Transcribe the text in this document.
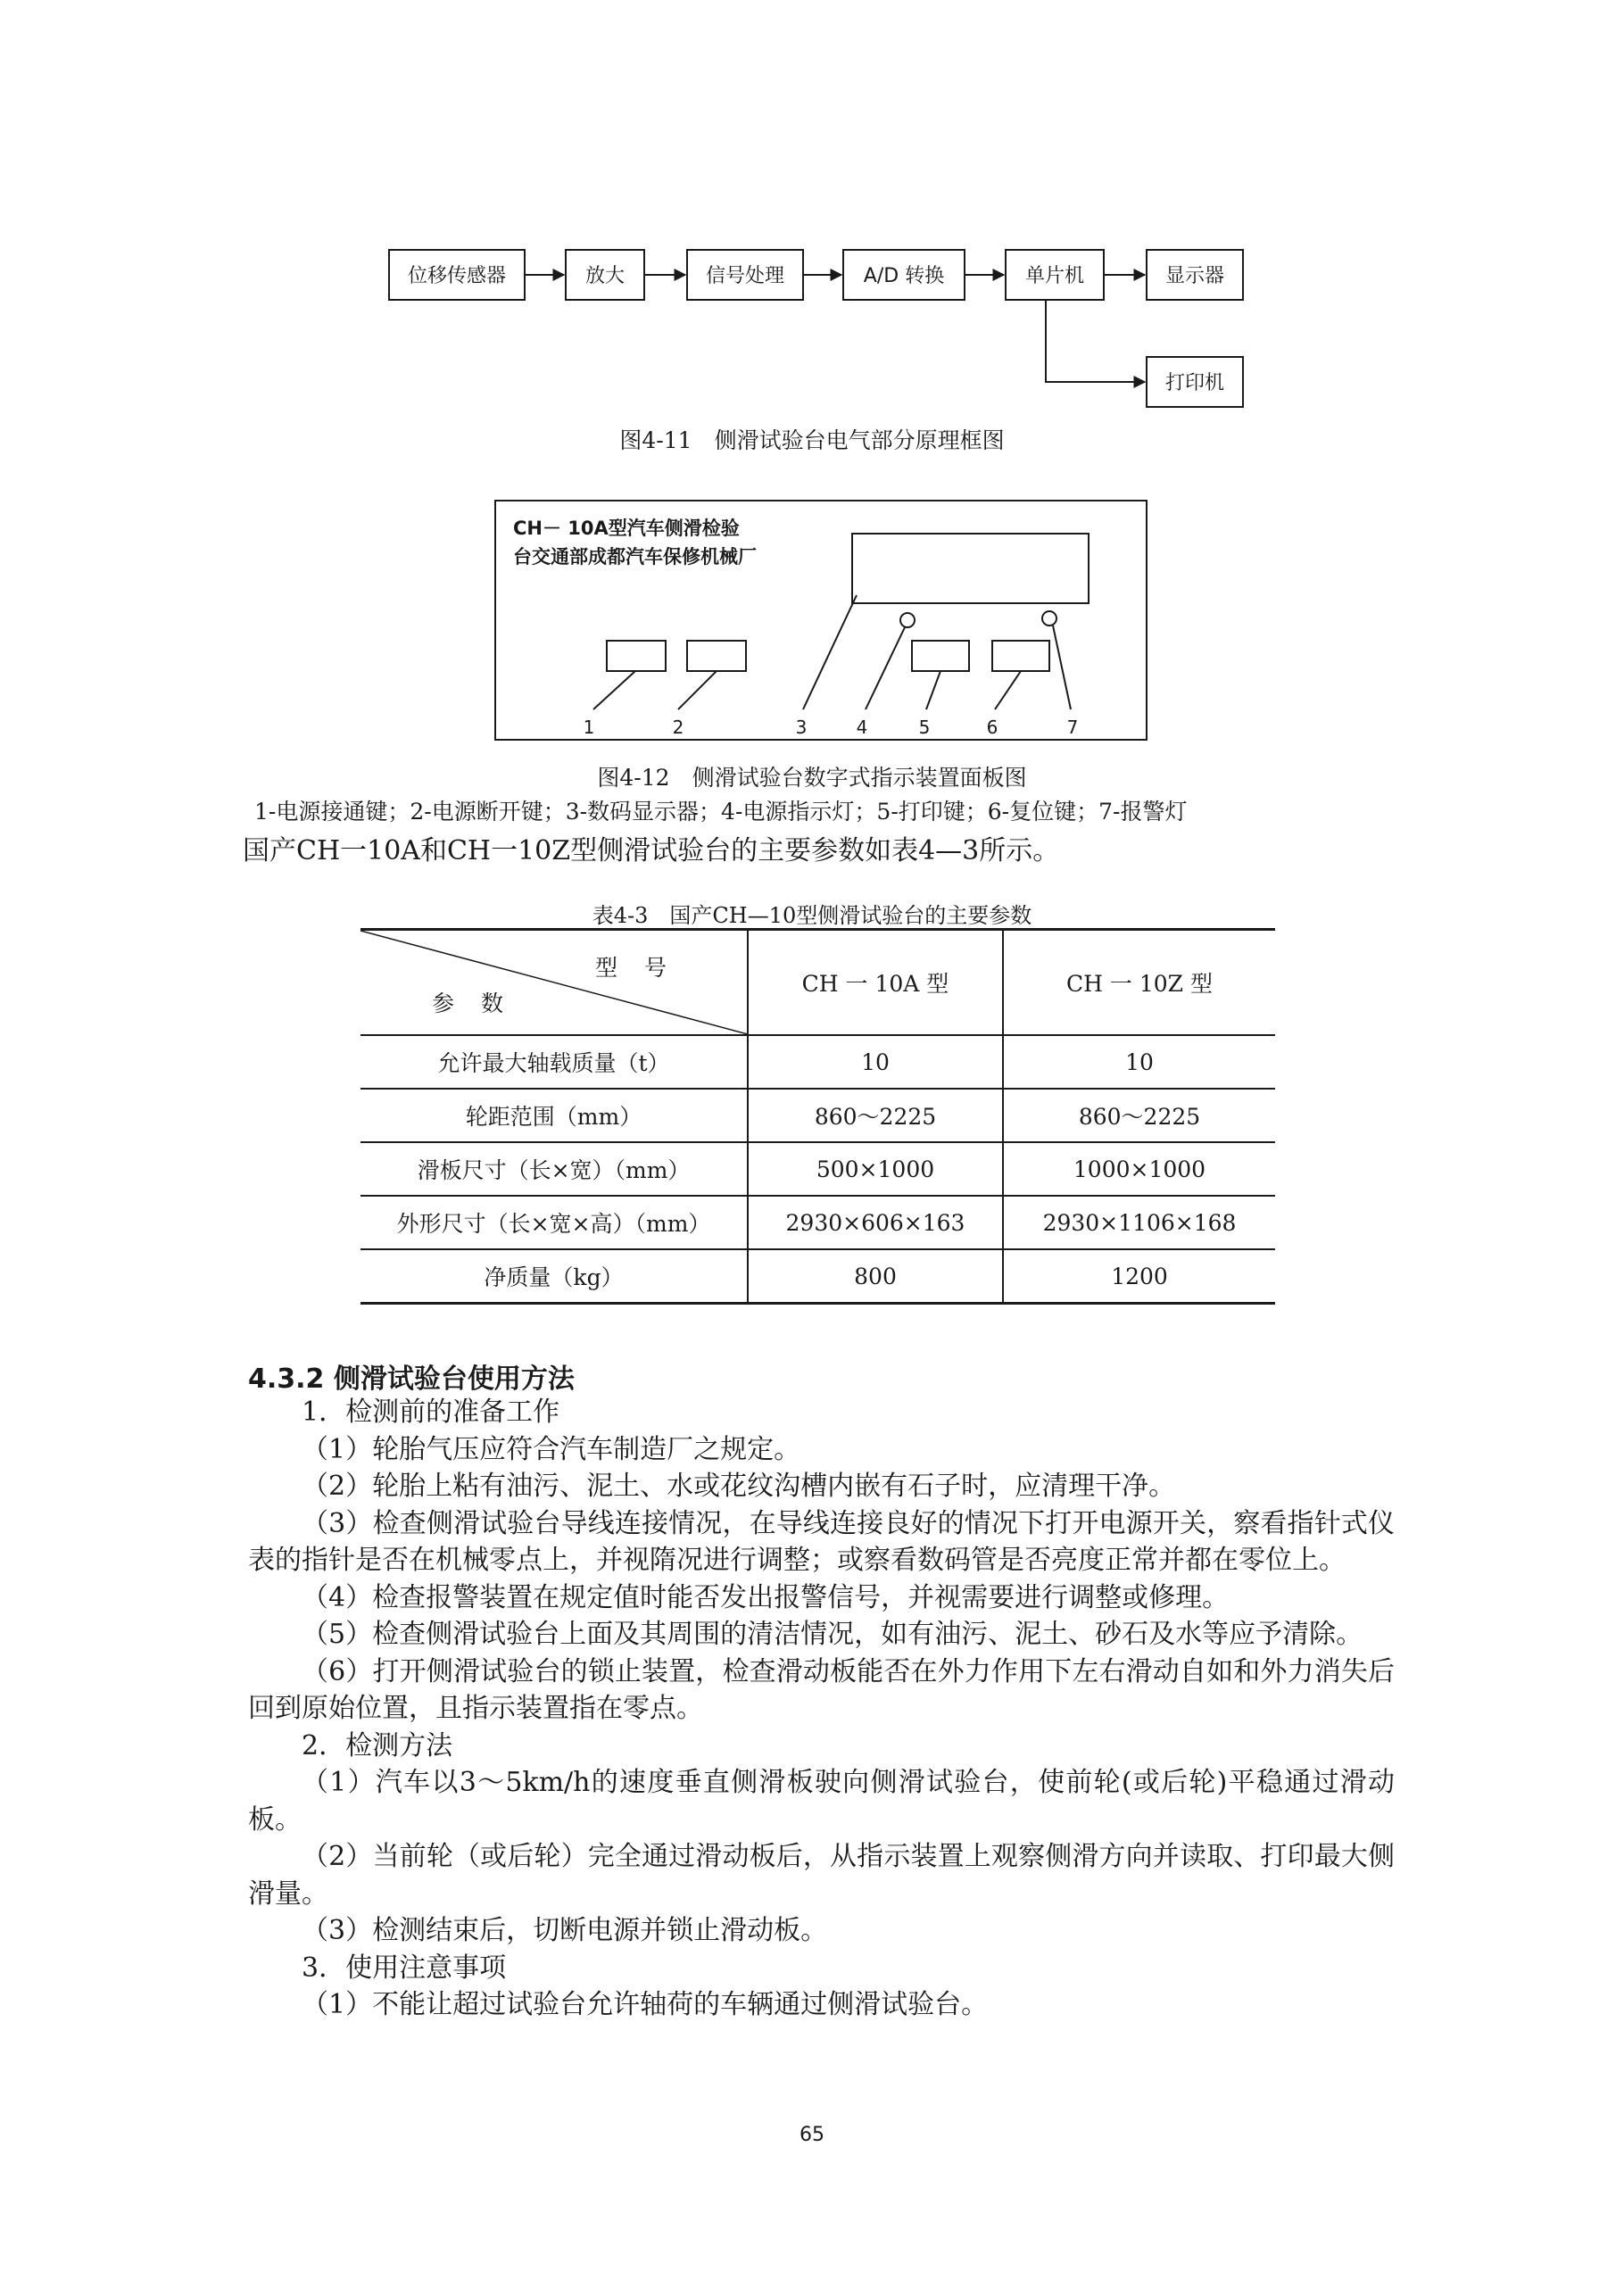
位移传感器	放大	信号处理	A/D 转换	单片机	显示器
打印机
图4-11　侧滑试验台电气部分原理框图
CH－ 10A型汽车侧滑检验
台交通部成都汽车保修机械厂
1	2	3	4	5	6	7
图4-12　侧滑试验台数字式指示装置面板图
1-电源接通键；2-电源断开键；3-数码显示器；4-电源指示灯；5-打印键；6-复位键；7-报警灯
国产CH一10A和CH一10Z型侧滑试验台的主要参数如表4—3所示。
表4-3　国产CH—10型侧滑试验台的主要参数
型号
参数	CH 一 10A 型	CH 一 10Z 型
允许最大轴载质量（t）	10	10
轮距范围（mm）	860～2225	860～2225
滑板尺寸（长×宽）（mm）	500×1000	1000×1000
外形尺寸（长×宽×高）（mm）	2930×606×163	2930×1106×168
净质量（kg）	800	1200
4.3.2 侧滑试验台使用方法

1．检测前的准备工作

（1）轮胎气压应符合汽车制造厂之规定。

（2）轮胎上粘有油污、泥土、水或花纹沟槽内嵌有石子时，应清理干净。

（3）检查侧滑试验台导线连接情况，在导线连接良好的情况下打开电源开关，察看指针式仪表的指针是否在机械零点上，并视隋况进行调整；或察看数码管是否亮度正常并都在零位上。

（4）检查报警装置在规定值时能否发出报警信号，并视需要进行调整或修理。

（5）检查侧滑试验台上面及其周围的清洁情况，如有油污、泥土、砂石及水等应予清除。

（6）打开侧滑试验台的锁止装置，检查滑动板能否在外力作用下左右滑动自如和外力消失后回到原始位置，且指示装置指在零点。

2．检测方法

（1）汽车以3～5km/h的速度垂直侧滑板驶向侧滑试验台，使前轮(或后轮)平稳通过滑动板。

（2）当前轮（或后轮）完全通过滑动板后，从指示装置上观察侧滑方向并读取、打印最大侧滑量。

（3）检测结束后，切断电源并锁止滑动板。

3．使用注意事项

（1）不能让超过试验台允许轴荷的车辆通过侧滑试验台。

65
